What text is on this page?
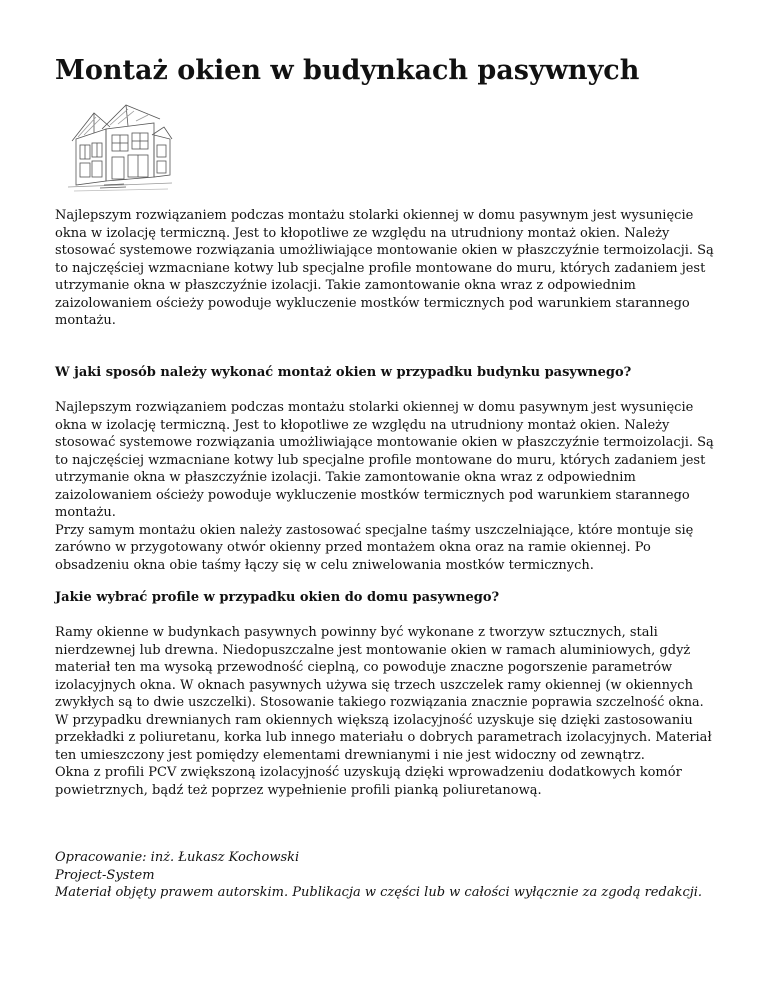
Montaż okien w budynkach pasywnych
Najlepszym rozwiązaniem podczas montażu stolarki okiennej w domu pasywnym jest wysunięcie
okna w izolację termiczną. Jest to kłopotliwe ze względu na utrudniony montaż okien. Należy
stosować systemowe rozwiązania umożliwiające montowanie okien w płaszczyźnie termoizolacji. Są
to najczęściej wzmacniane kotwy lub specjalne profile montowane do muru, których zadaniem jest
utrzymanie okna w płaszczyźnie izolacji. Takie zamontowanie okna wraz z odpowiednim
zaizolowaniem ościeży powoduje wykluczenie mostków termicznych pod warunkiem starannego
montażu.
W jaki sposób należy wykonać montaż okien w przypadku budynku pasywnego?
Najlepszym rozwiązaniem podczas montażu stolarki okiennej w domu pasywnym jest wysunięcie
okna w izolację termiczną. Jest to kłopotliwe ze względu na utrudniony montaż okien. Należy
stosować systemowe rozwiązania umożliwiające montowanie okien w płaszczyźnie termoizolacji. Są
to najczęściej wzmacniane kotwy lub specjalne profile montowane do muru, których zadaniem jest
utrzymanie okna w płaszczyźnie izolacji. Takie zamontowanie okna wraz z odpowiednim
zaizolowaniem ościeży powoduje wykluczenie mostków termicznych pod warunkiem starannego
montażu.
Przy samym montażu okien należy zastosować specjalne taśmy uszczelniające, które montuje się
zarówno w przygotowany otwór okienny przed montażem okna oraz na ramie okiennej. Po
obsadzeniu okna obie taśmy łączy się w celu zniwelowania mostków termicznych.
Jakie wybrać profile w przypadku okien do domu pasywnego?
Ramy okienne w budynkach pasywnych powinny być wykonane z tworzyw sztucznych, stali
nierdzewnej lub drewna. Niedopuszczalne jest montowanie okien w ramach aluminiowych, gdyż
materiał ten ma wysoką przewodność cieplną, co powoduje znaczne pogorszenie parametrów
izolacyjnych okna. W oknach pasywnych używa się trzech uszczelek ramy okiennej (w okiennych
zwykłych są to dwie uszczelki). Stosowanie takiego rozwiązania znacznie poprawia szczelność okna.
W przypadku drewnianych ram okiennych większą izolacyjność uzyskuje się dzięki zastosowaniu
przekładki z poliuretanu, korka lub innego materiału o dobrych parametrach izolacyjnych. Materiał
ten umieszczony jest pomiędzy elementami drewnianymi i nie jest widoczny od zewnątrz.
Okna z profili PCV zwiększoną izolacyjność uzyskują dzięki wprowadzeniu dodatkowych komór
powietrznych, bądź też poprzez wypełnienie profili pianką poliuretanową.
Opracowanie: inż. Łukasz Kochowski
Project-System
Materiał objęty prawem autorskim. Publikacja w części lub w całości wyłącznie za zgodą redakcji.
